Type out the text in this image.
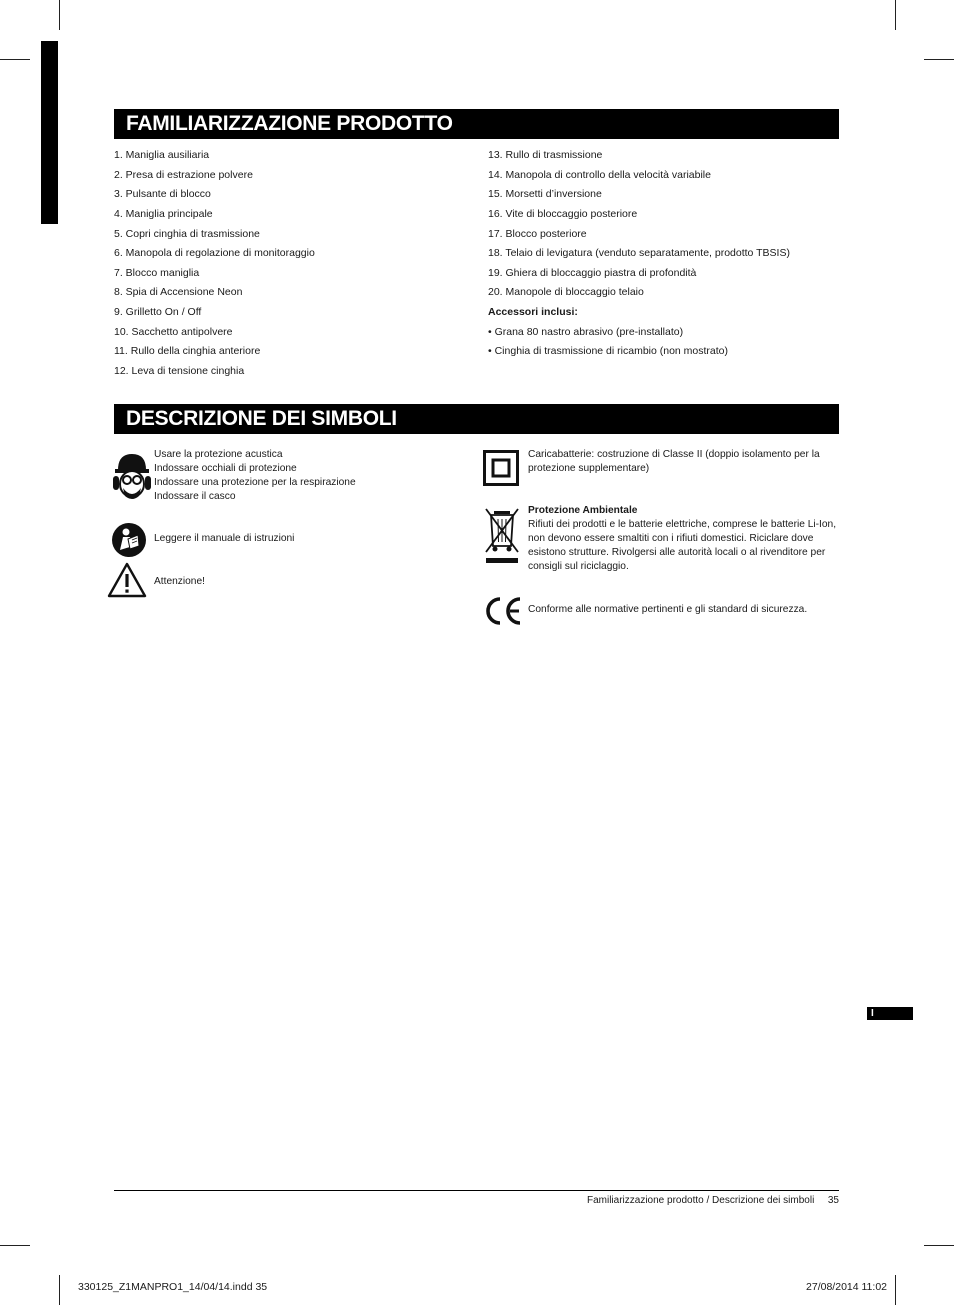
FAMILIARIZZAZIONE PRODOTTO
1. Maniglia ausiliaria
2. Presa di estrazione polvere
3. Pulsante di blocco
4. Maniglia principale
5. Copri cinghia di trasmissione
6. Manopola di regolazione di monitoraggio
7. Blocco maniglia
8. Spia di Accensione Neon
9. Grilletto On / Off
10. Sacchetto antipolvere
11. Rullo della cinghia anteriore
12. Leva di tensione cinghia
13. Rullo di trasmissione
14. Manopola di controllo della velocità variabile
15. Morsetti d’inversione
16. Vite di bloccaggio posteriore
17. Blocco posteriore
18. Telaio di levigatura (venduto separatamente, prodotto TBSIS)
19. Ghiera di bloccaggio piastra di profondità
20. Manopole di bloccaggio telaio
Accessori inclusi:
• Grana 80 nastro abrasivo (pre-installato)
• Cinghia di trasmissione di ricambio (non mostrato)
DESCRIZIONE DEI SIMBOLI
Usare la protezione acustica
Indossare occhiali di protezione
Indossare una protezione per la respirazione
Indossare il casco
Leggere il manuale di istruzioni
Attenzione!
Caricabatterie: costruzione di Classe II (doppio isolamento per la protezione supplementare)
Protezione Ambientale
Rifiuti dei prodotti e le batterie elettriche, comprese le batterie Li-Ion, non devono essere smaltiti con i rifiuti domestici. Riciclare dove esistono strutture. Rivolgersi alle autorità locali o al rivenditore per consigli sul riciclaggio.
Conforme alle normative pertinenti e gli standard di sicurezza.
I
Familiarizzazione prodotto / Descrizione dei simboli 35
330125_Z1MANPRO1_14/04/14.indd 35	27/08/2014 11:02
